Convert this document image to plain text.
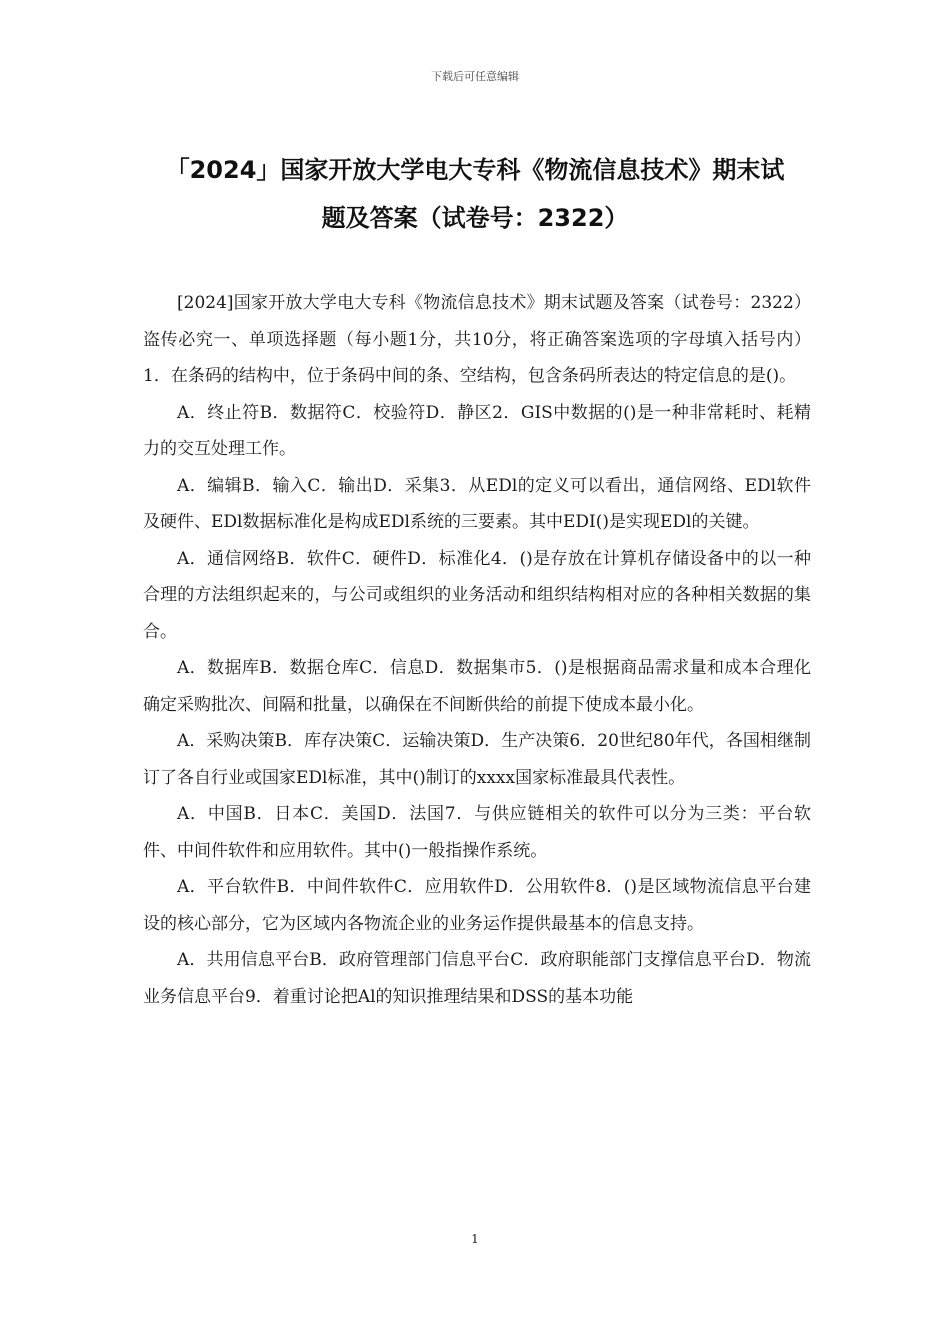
下载后可任意编辑
「2024」国家开放大学电大专科《物流信息技术》期末试
题及答案（试卷号：2322）

[2024]国家开放大学电大专科《物流信息技术》期末试题及答案（试卷号：2322）盗传必究一、单项选择题（每小题1分，共10分，将正确答案选项的字母填入括号内）1．在条码的结构中，位于条码中间的条、空结构，包含条码所表达的特定信息的是()。

A．终止符B．数据符C．校验符D．静区2．GIS中数据的()是一种非常耗时、耗精力的交互处理工作。

A．编辑B．输入C．输出D．采集3．从EDl的定义可以看出，通信网络、EDl软件及硬件、EDl数据标准化是构成EDl系统的三要素。其中EDI()是实现EDl的关键。

A．通信网络B．软件C．硬件D．标准化4．()是存放在计算机存储设备中的以一种合理的方法组织起来的，与公司或组织的业务活动和组织结构相对应的各种相关数据的集合。

A．数据库B．数据仓库C．信息D．数据集市5．()是根据商品需求量和成本合理化确定采购批次、间隔和批量，以确保在不间断供给的前提下使成本最小化。

A．采购决策B．库存决策C．运输决策D．生产决策6．20世纪80年代，各国相继制订了各自行业或国家EDl标准，其中()制订的xxxx国家标准最具代表性。

A．中国B．日本C．美国D．法国7．与供应链相关的软件可以分为三类：平台软件、中间件软件和应用软件。其中()一般指操作系统。

A．平台软件B．中间件软件C．应用软件D．公用软件8．()是区域物流信息平台建设的核心部分，它为区域内各物流企业的业务运作提供最基本的信息支持。

A．共用信息平台B．政府管理部门信息平台C．政府职能部门支撑信息平台D．物流业务信息平台9．着重讨论把Al的知识推理结果和DSS的基本功能

1
